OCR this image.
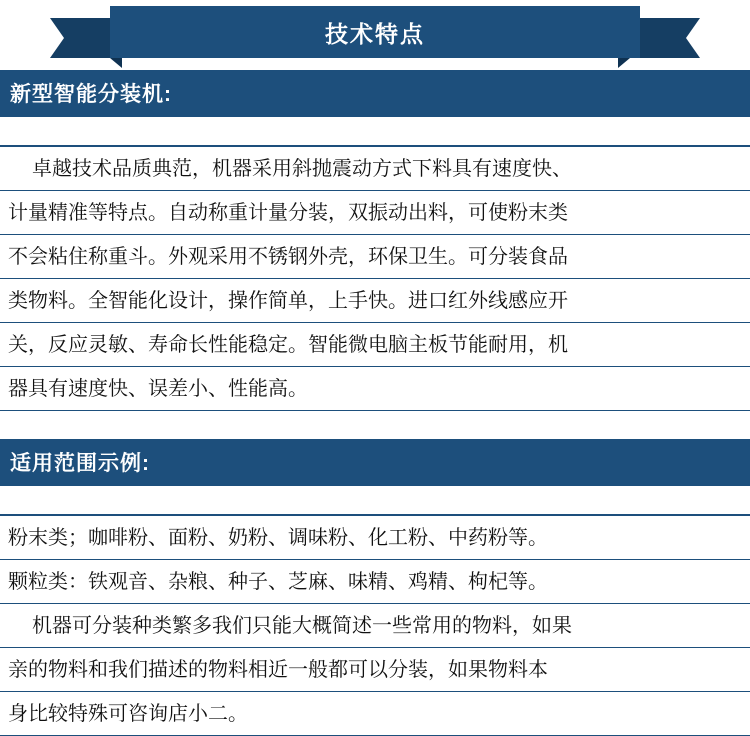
技术特点
新型智能分装机:
卓越技术品质典范，机器采用斜抛震动方式下料具有速度快、
计量精准等特点。自动称重计量分装，双振动出料，可使粉末类
不会粘住称重斗。外观采用不锈钢外壳，环保卫生。可分装食品
类物料。全智能化设计，操作简单，上手快。进口红外线感应开
关，反应灵敏、寿命长性能稳定。智能微电脑主板节能耐用，机
器具有速度快、误差小、性能高。
适用范围示例:
粉末类；咖啡粉、面粉、奶粉、调味粉、化工粉、中药粉等。
颗粒类：铁观音、杂粮、种子、芝麻、味精、鸡精、枸杞等。
机器可分装种类繁多我们只能大概简述一些常用的物料，如果
亲的物料和我们描述的物料相近一般都可以分装，如果物料本
身比较特殊可咨询店小二。
